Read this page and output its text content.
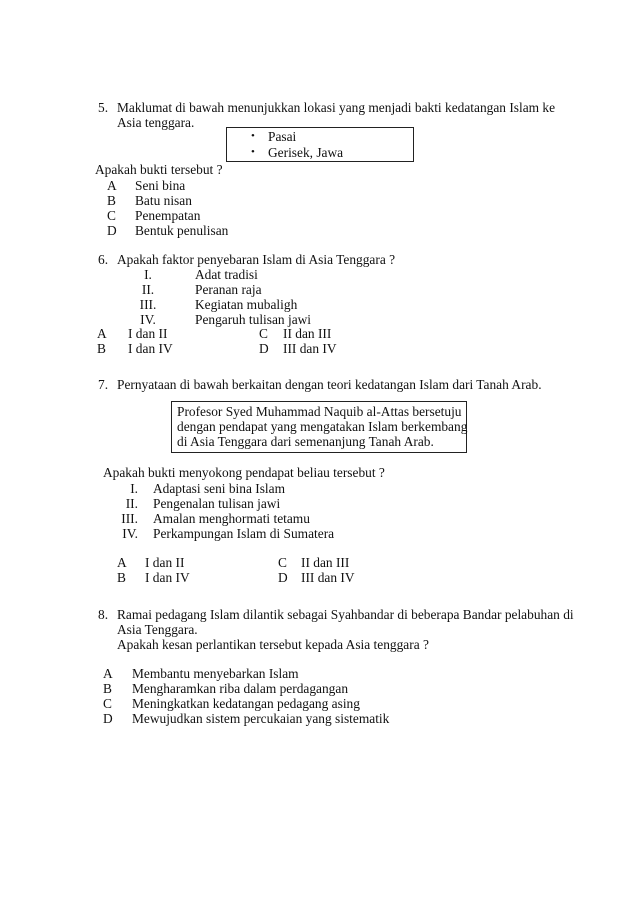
5. Maklumat di bawah menunjukkan lokasi yang menjadi bakti kedatangan Islam ke
Asia tenggara.
• Pasai
• Gerisek, Jawa
Apakah bukti tersebut ?
A Seni bina
B Batu nisan
C Penempatan
D Bentuk penulisan
6. Apakah faktor penyebaran Islam di Asia Tenggara ?
I.	Adat tradisi
II.	Peranan raja
III.	Kegiatan mubaligh
IV.	Pengaruh tulisan jawi
A I dan II	C II dan III
B I dan IV	D III dan IV
7. Pernyataan di bawah berkaitan dengan teori kedatangan Islam dari Tanah Arab.
Profesor Syed Muhammad Naquib al-Attas bersetuju
dengan pendapat yang mengatakan Islam berkembang
di Asia Tenggara dari semenanjung Tanah Arab.
Apakah bukti menyokong pendapat beliau tersebut ?
I. Adaptasi seni bina Islam
II. Pengenalan tulisan jawi
III. Amalan menghormati tetamu
IV. Perkampungan Islam di Sumatera
A I dan II	C II dan III
B I dan IV	D III dan IV
8. Ramai pedagang Islam dilantik sebagai Syahbandar di beberapa Bandar pelabuhan di
Asia Tenggara.
Apakah kesan perlantikan tersebut kepada Asia tenggara ?
A Membantu menyebarkan Islam
B Mengharamkan riba dalam perdagangan
C Meningkatkan kedatangan pedagang asing
D Mewujudkan sistem percukaian yang sistematik
